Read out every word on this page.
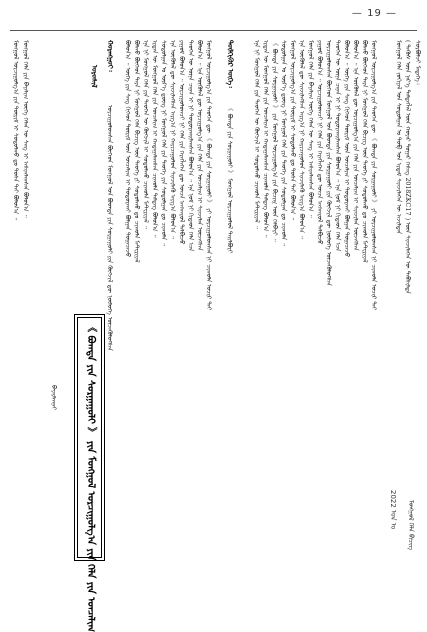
— 19 —
ᠰᠤᠷᠪᠤᠯᠵᠢ ᠮᠡᠳᠡᠭᠡ᠄
( ᠲᠡᠭᠦᠰ ᠦᠨ ᠨᠡᠷ᠎ᠡ ᠲᠡᠮᠳᠡᠭᠯᠡᠯ ᠦᠨ ᠬᠣᠶᠠᠷ ᠳᠤᠭᠠᠷ ᠬᠡᠰᠡᠭ 2018ZKC17 ) ᠦᠨ ᠰᠢᠨᠵᠢᠯᠡᠭᠡᠨ ᠦ ᠳᠡᠪᠰᠢᠯᠲᠡ
ᠮᠣᠩᠭᠣᠯ ᠬᠡᠯᠡ ᠵᠣᠬᠢᠶᠠᠯ ᠤᠨ ᠰᠤᠳᠤᠯᠭᠠᠨ ᠤ ᠲᠣᠪ ᠤᠨ ᠡᠷᠳᠡᠮ ᠰᠢᠨᠵᠢᠯᠡᠭᠡᠨ ᠦ ᠠᠵᠢᠯᠲᠠᠨ
ᠮᠣᠩᠭᠣᠯ ᠣᠷᠴᠢᠭᠤᠯᠭ᠎ᠠ ᠶᠢᠨ ᠲᠡᠦᠬᠡᠨ ᠳᠦ 《 ᠪᠣᠭᠳᠠ ᠶᠢᠨ ᠰᠤᠷᠭᠠᠭᠤᠯᠢ 》 ᠶᠢ ᠣᠷᠴᠢᠭᠤᠯᠤᠭᠰᠠᠨ ᠨᠢ ᠴᠢᠬᠤᠯᠠ ᠤᠴᠢᠷ ᠲᠠᠢ
ᠪᠣᠯᠬᠤ ᠪᠥᠭᠡᠳ ᠲᠡᠷᠡ ᠨᠢ ᠮᠣᠩᠭᠣᠯ ᠬᠡᠯᠡ ᠪᠢᠴᠢᠭ ᠦᠨ ᠲᠡᠦᠬᠡ ᠶᠢ ᠰᠤᠳᠤᠯᠬᠤ ᠳᠤ ᠴᠢᠬᠤᠯᠠ ᠮᠠᠲᠧᠷᠢᠶᠠᠯ
ᠪᠣᠯᠤᠨ᠎ᠠ ᠃ ᠡᠨᠡ ᠥᠭᠦᠯᠡᠯ ᠳᠦ ᠣᠷᠴᠢᠭᠤᠯᠭ᠎ᠠ ᠶᠢᠨ ᠬᠡᠯᠡ ᠶᠢᠨ ᠣᠨᠴᠠᠯᠢᠭ ᠢ ᠰᠢᠨᠵᠢᠯᠡᠨ ᠦᠵᠡᠭᠰᠡᠨ
ᠪᠣᠯᠤᠨ᠎ᠠ ᠃ ᠦᠭᠡ ᠶᠢᠨ ᠰᠠᠩ ᠬᠢᠬᠡᠳ ᠳᠦᠷᠢᠮ ᠦᠨ ᠣᠨᠴᠠᠯᠢᠭ ᠢ ᠲᠣᠳᠣᠷᠬᠠᠢ ᠪᠣᠯᠭᠠᠨ ᠲᠣᠭᠠᠴᠠᠵᠤ
ᠲᠡᠦᠬᠡᠨ ᠦ ᠦᠨᠡ ᠴᠡᠨᠡᠨ ᠢ ᠨᠢ ᠲᠣᠳᠣᠷᠬᠠᠢᠯᠠᠭᠰᠠᠨ ᠪᠣᠯᠤᠨ᠎ᠠ ᠃ ᠡᠨᠡ ᠨᠣᠮ ᠨᠢ ᠬᠢᠲᠠᠳ ᠬᠡᠯᠡ ᠡᠴᠡ
ᠣᠷᠴᠢᠭᠤᠯᠤᠭᠰᠠᠨ ᠪᠥᠭᠡᠳ ᠮᠣᠩᠭᠣᠯ ᠤᠨ ᠪᠤᠳᠳ᠋ᠠ ᠶᠢᠨ ᠰᠤᠷᠭᠠᠭᠤᠯᠢ ᠶᠢᠨ ᠬᠥᠭᠵᠢᠯ ᠳᠦ ᠨᠥᠯᠦᠭᠡ ᠦᠵᠡᠭᠦᠯᠦᠭᠰᠡᠨ
ᠶᠠᠭᠤᠮ ᠪᠣᠯᠤᠨ᠎ᠠ ᠃ ᠣᠷᠴᠢᠭᠤᠯᠤᠭᠴᠢ ᠨᠢ ᠬᠡᠯᠡ ᠶᠢᠨ ᠬᠡᠷᠡᠭᠯᠡᠭᠡᠨ ᠳᠦ ᠣᠨᠴᠠ ᠠᠩᠬᠠᠷᠤᠯ ᠲᠠᠯᠪᠢᠵᠤ
ᠮᠣᠩᠭᠣᠯ ᠬᠡᠯᠡ ᠶᠢᠨ ᠪᠠᠶᠠᠯᠢᠭ ᠦᠭᠡ ᠬᠡᠯᠡᠨ ᠦ ᠰᠠᠩ ᠢ ᠠᠰᠢᠭᠯᠠᠭᠰᠠᠨ ᠪᠣᠯᠤᠨ᠎ᠠ ᠃
ᠡᠨᠡ ᠥᠭᠦᠯᠡᠯ ᠳᠦ ᠰᠢᠨᠵᠢᠯᠡᠭᠰᠡᠨ ᠠᠷᠭ᠎ᠠ ᠨᠢ ᠬᠠᠷᠢᠴᠠᠭᠤᠯᠤᠨ ᠰᠢᠨᠵᠢᠯᠡᠬᠦ ᠠᠷᠭ᠎ᠠ ᠪᠣᠯᠤᠨ᠎ᠠ ᠃
ᠮᠣᠩᠭᠣᠯ ᠣᠷᠴᠢᠭᠤᠯᠭ᠎ᠠ ᠶᠢᠨ ᠳᠦᠷᠢᠮ ᠢ ᠰᠤᠳᠤᠯᠬᠤ ᠳᠤ ᠲᠤᠰᠠ ᠲᠠᠢ ᠪᠣᠯᠤᠨ᠎ᠠ ᠃
ᠰᠤᠳᠤᠯᠭᠠᠨ ᠤ ᠦᠷ᠎ᠡ ᠳ᠋ᠦᠩ ᠨᠢ ᠮᠣᠩᠭᠣᠯ ᠬᠡᠯᠡ ᠶᠢᠨ ᠲᠡᠦᠬᠡ ᠶᠢᠨ ᠰᠤᠳᠤᠯᠭᠠᠨ ᠳᠤ ᠴᠢᠬᠤᠯᠠ ᠃
《 ᠪᠣᠭᠳᠠ ᠶᠢᠨ ᠰᠤᠷᠭᠠᠭᠤᠯᠢ 》 ᠶᠢᠨ ᠮᠣᠩᠭᠣᠯ ᠣᠷᠴᠢᠭᠤᠯᠭ᠎ᠠ ᠶᠢᠨ ᠪᠢᠴᠢᠭ᠍ ᠦᠨ ᠬᠡᠯᠪᠡᠷᠢ ᠃
ᠡᠷᠲᠡᠨ ᠦ ᠮᠣᠩᠭᠣᠯ ᠬᠡᠯᠡ ᠶᠢᠨ ᠣᠨᠴᠠᠯᠢᠭ ᠢ ᠬᠠᠳᠠᠭᠠᠯᠠᠭᠰᠠᠨ ᠴᠢᠬᠤᠯᠠ ᠲᠡᠮᠳᠡᠭ ᠪᠣᠯᠤᠨ᠎ᠠ ᠃
ᠡᠨᠡ ᠨᠢ ᠮᠣᠩᠭᠣᠯ ᠬᠡᠯᠡ ᠶᠢᠨ ᠲᠡᠦᠬᠡᠨ ᠦ ᠬᠥᠭᠵᠢᠯ ᠢ ᠰᠤᠳᠤᠯᠬᠤ ᠴᠢᠬᠤᠯᠠ ᠮᠠᠲᠧᠷᠢᠶᠠᠯ ᠃
ᠲᠦᠯᠬᠢᠭᠦᠷ ᠦᠭᠡ᠄
《 ᠪᠣᠭᠳᠠ ᠶᠢᠨ ᠰᠤᠷᠭᠠᠭᠤᠯᠢ 》 ᠮᠣᠩᠭᠣᠯ ᠣᠷᠴᠢᠭᠤᠯᠤᠯ ᠲᠠᠢᠯᠪᠤᠷᠢ
ᠮᠣᠩᠭᠣᠯ ᠣᠷᠴᠢᠭᠤᠯᠭ᠎ᠠ ᠶᠢᠨ ᠲᠡᠦᠬᠡᠨ ᠳᠦ 《 ᠪᠣᠭᠳᠠ ᠶᠢᠨ ᠰᠤᠷᠭᠠᠭᠤᠯᠢ 》 ᠶᠢ ᠣᠷᠴᠢᠭᠤᠯᠤᠭᠰᠠᠨ ᠨᠢ ᠴᠢᠬᠤᠯᠠ ᠤᠴᠢᠷ ᠲᠠᠢ
ᠪᠣᠯᠤᠨ᠎ᠠ ᠃ ᠡᠨᠡ ᠥᠭᠦᠯᠡᠯ ᠳᠦ ᠣᠷᠴᠢᠭᠤᠯᠭ᠎ᠠ ᠶᠢᠨ ᠬᠡᠯᠡ ᠶᠢᠨ ᠣᠨᠴᠠᠯᠢᠭ ᠢ ᠰᠢᠨᠵᠢᠯᠡᠨ ᠦᠵᠡᠭᠰᠡᠨ
ᠲᠡᠦᠬᠡᠨ ᠦ ᠦᠨᠡ ᠴᠡᠨᠡᠨ ᠢ ᠨᠢ ᠲᠣᠳᠣᠷᠬᠠᠢᠯᠠᠭᠰᠠᠨ ᠪᠣᠯᠤᠨ᠎ᠠ ᠃ ᠡᠨᠡ ᠨᠣᠮ ᠨᠢ ᠬᠢᠲᠠᠳ ᠬᠡᠯᠡ ᠡᠴᠡ
ᠶᠠᠭᠤᠮ ᠪᠣᠯᠤᠨ᠎ᠠ ᠃ ᠣᠷᠴᠢᠭᠤᠯᠤᠭᠴᠢ ᠨᠢ ᠬᠡᠯᠡ ᠶᠢᠨ ᠬᠡᠷᠡᠭᠯᠡᠭᠡᠨ ᠳᠦ ᠣᠨᠴᠠ ᠠᠩᠬᠠᠷᠤᠯ ᠲᠠᠯᠪᠢᠵᠤ
ᠡᠨᠡ ᠥᠭᠦᠯᠡᠯ ᠳᠦ ᠰᠢᠨᠵᠢᠯᠡᠭᠰᠡᠨ ᠠᠷᠭ᠎ᠠ ᠨᠢ ᠬᠠᠷᠢᠴᠠᠭᠤᠯᠤᠨ ᠰᠢᠨᠵᠢᠯᠡᠬᠦ ᠠᠷᠭ᠎ᠠ ᠪᠣᠯᠤᠨ᠎ᠠ ᠃
ᠰᠤᠳᠤᠯᠭᠠᠨ ᠤ ᠦᠷ᠎ᠡ ᠳ᠋ᠦᠩ ᠨᠢ ᠮᠣᠩᠭᠣᠯ ᠬᠡᠯᠡ ᠶᠢᠨ ᠲᠡᠦᠬᠡ ᠶᠢᠨ ᠰᠤᠳᠤᠯᠭᠠᠨ ᠳᠤ ᠴᠢᠬᠤᠯᠠ ᠃
ᠡᠷᠲᠡᠨ ᠦ ᠮᠣᠩᠭᠣᠯ ᠬᠡᠯᠡ ᠶᠢᠨ ᠣᠨᠴᠠᠯᠢᠭ ᠢ ᠬᠠᠳᠠᠭᠠᠯᠠᠭᠰᠠᠨ ᠴᠢᠬᠤᠯᠠ ᠲᠡᠮᠳᠡᠭ ᠪᠣᠯᠤᠨ᠎ᠠ ᠃
ᠡᠨᠡ ᠨᠢ ᠮᠣᠩᠭᠣᠯ ᠬᠡᠯᠡ ᠶᠢᠨ ᠲᠡᠦᠬᠡᠨ ᠦ ᠬᠥᠭᠵᠢᠯ ᠢ ᠰᠤᠳᠤᠯᠬᠤ ᠴᠢᠬᠤᠯᠠ ᠮᠠᠲᠧᠷᠢᠶᠠᠯ ᠃
ᠪᠣᠯᠬᠤ ᠪᠥᠭᠡᠳ ᠲᠡᠷᠡ ᠨᠢ ᠮᠣᠩᠭᠣᠯ ᠬᠡᠯᠡ ᠪᠢᠴᠢᠭ ᠦᠨ ᠲᠡᠦᠬᠡ ᠶᠢ ᠰᠤᠳᠤᠯᠬᠤ ᠳᠤ ᠴᠢᠬᠤᠯᠠ ᠮᠠᠲᠧᠷᠢᠶᠠᠯ
ᠪᠣᠯᠤᠨ᠎ᠠ ᠃ ᠦᠭᠡ ᠶᠢᠨ ᠰᠠᠩ ᠬᠢᠬᠡᠳ ᠳᠦᠷᠢᠮ ᠦᠨ ᠣᠨᠴᠠᠯᠢᠭ ᠢ ᠲᠣᠳᠣᠷᠬᠠᠢ ᠪᠣᠯᠭᠠᠨ ᠲᠣᠭᠠᠴᠠᠵᠤ
ᠬᠤᠷᠠᠩᠭᠤᠢ᠄
ᠣᠷᠴᠢᠭᠤᠯᠤᠭᠰᠠᠨ ᠪᠥᠭᠡᠳ ᠮᠣᠩᠭᠣᠯ ᠤᠨ ᠪᠤᠳᠳ᠋ᠠ ᠶᠢᠨ ᠰᠤᠷᠭᠠᠭᠤᠯᠢ ᠶᠢᠨ ᠬᠥᠭᠵᠢᠯ ᠳᠦ ᠨᠥᠯᠦᠭᠡ ᠦᠵᠡᠭᠦᠯᠦᠭᠰᠡᠨ
ᠣᠷᠣᠰᠢᠯ
《 ᠪᠣᠭᠳᠠ ᠶᠢᠨ ᠰᠤᠷᠭᠠᠭᠤᠯᠢ 》 ᠶᠢᠨ ᠮᠣᠩᠭᠣᠯ ᠣᠷᠴᠢᠭᠤᠯᠭ᠎ᠠ ᠶᠢᠨ ᠬᠡᠯᠡ ᠶᠢᠨ ᠣᠨᠴᠠᠯᠢᠭ
ᠪᠠᠶᠠᠷᠮᠠᠭ᠍ᠨᠠᠢ
ᠮᠣᠩᠭᠣᠯ ᠬᠡᠯᠡ ᠶᠢᠨ ᠪᠠᠶᠠᠯᠢᠭ ᠦᠭᠡ ᠬᠡᠯᠡᠨ ᠦ ᠰᠠᠩ ᠢ ᠠᠰᠢᠭᠯᠠᠭᠰᠠᠨ ᠪᠣᠯᠤᠨ᠎ᠠ ᠃
ᠮᠣᠩᠭᠣᠯ ᠣᠷᠴᠢᠭᠤᠯᠭ᠎ᠠ ᠶᠢᠨ ᠳᠦᠷᠢᠮ ᠢ ᠰᠤᠳᠤᠯᠬᠤ ᠳᠤ ᠲᠤᠰᠠ ᠲᠠᠢ ᠪᠣᠯᠤᠨ᠎ᠠ ᠃
2022 ᠣᠨ ᠤ	ᠮᠣᠩᠭᠣᠯ ᠬᠡᠯᠡ ᠪᠢᠴᠢᠭ
